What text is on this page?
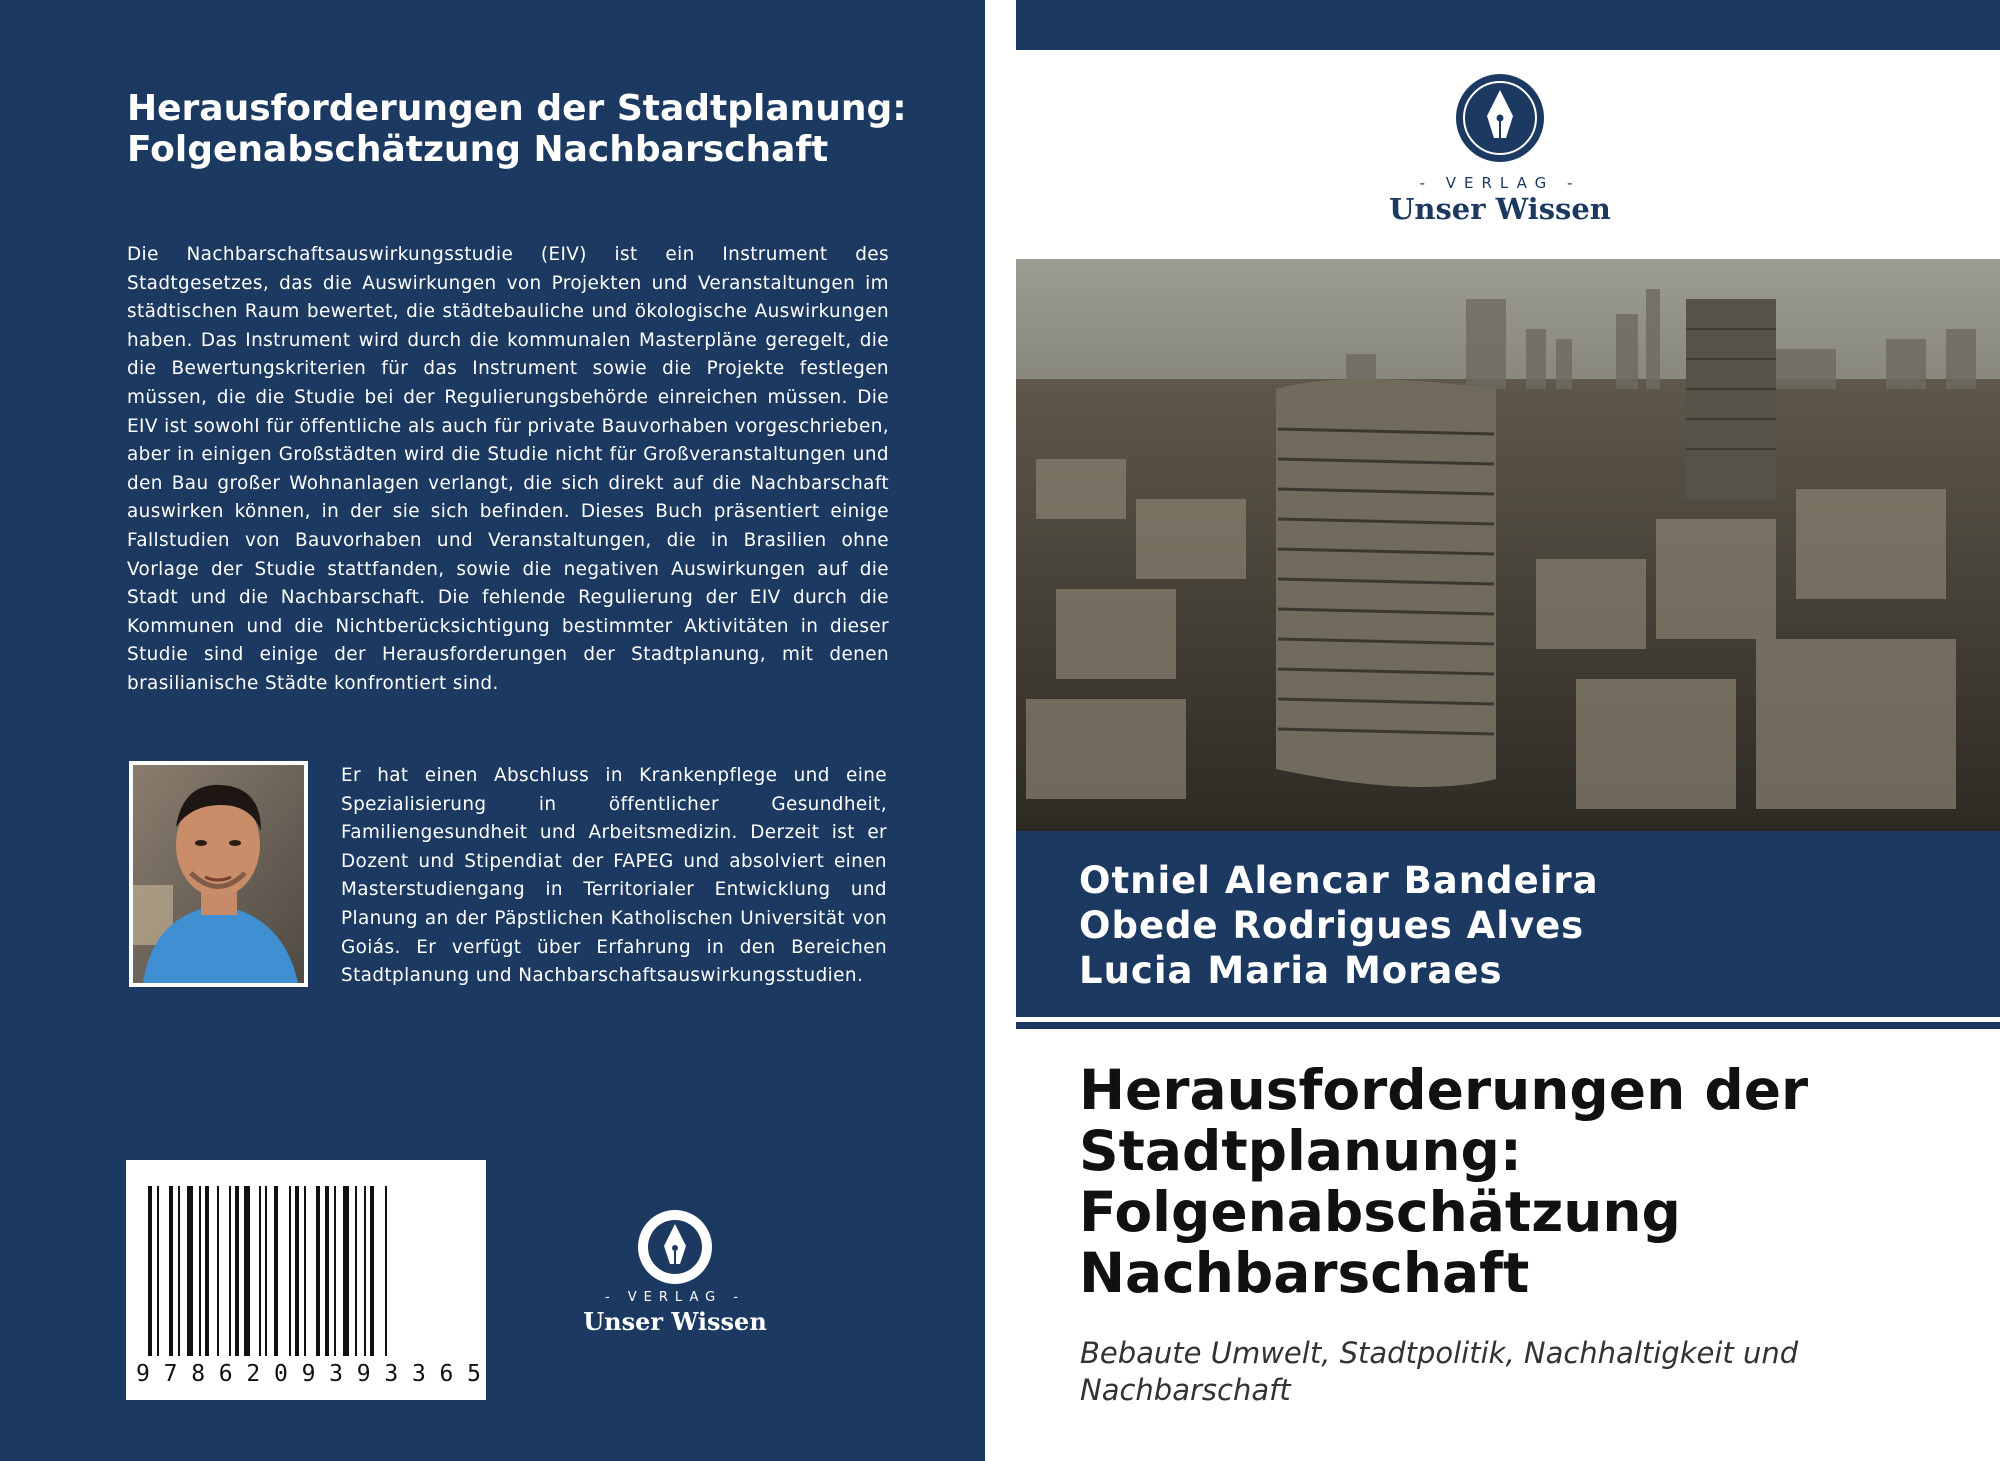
Herausforderungen der Stadtplanung: Folgenabschätzung Nachbarschaft
Die Nachbarschaftsauswirkungsstudie (EIV) ist ein Instrument des Stadtgesetzes, das die Auswirkungen von Projekten und Veranstaltungen im städtischen Raum bewertet, die städtebauliche und ökologische Auswirkungen haben. Das Instrument wird durch die kommunalen Masterpläne geregelt, die die Bewertungskriterien für das Instrument sowie die Projekte festlegen müssen, die die Studie bei der Regulierungsbehörde einreichen müssen. Die EIV ist sowohl für öffentliche als auch für private Bauvorhaben vorgeschrieben, aber in einigen Großstädten wird die Studie nicht für Großveranstaltungen und den Bau großer Wohnanlagen verlangt, die sich direkt auf die Nachbarschaft auswirken können, in der sie sich befinden. Dieses Buch präsentiert einige Fallstudien von Bauvorhaben und Veranstaltungen, die in Brasilien ohne Vorlage der Studie stattfanden, sowie die negativen Auswirkungen auf die Stadt und die Nachbarschaft. Die fehlende Regulierung der EIV durch die Kommunen und die Nichtberücksichtigung bestimmter Aktivitäten in dieser Studie sind einige der Herausforderungen der Stadtplanung, mit denen brasilianische Städte konfrontiert sind.
Er hat einen Abschluss in Krankenpflege und eine Spezialisierung in öffentlicher Gesundheit, Familiengesundheit und Arbeitsmedizin. Derzeit ist er Dozent und Stipendiat der FAPEG und absolviert einen Masterstudiengang in Territorialer Entwicklung und Planung an der Päpstlichen Katholischen Universität von Goiás. Er verfügt über Erfahrung in den Bereichen Stadtplanung und Nachbarschaftsauswirkungsstudien.
9 7 8 6 2 0 9 3 9 3 3 6 5
- VERLAG -
Unser Wissen
- VERLAG -
Unser Wissen
Otniel Alencar Bandeira
Obede Rodrigues Alves
Lucia Maria Moraes
Herausforderungen der Stadtplanung: Folgenabschätzung Nachbarschaft
Bebaute Umwelt, Stadtpolitik, Nachhaltigkeit und Nachbarschaft
